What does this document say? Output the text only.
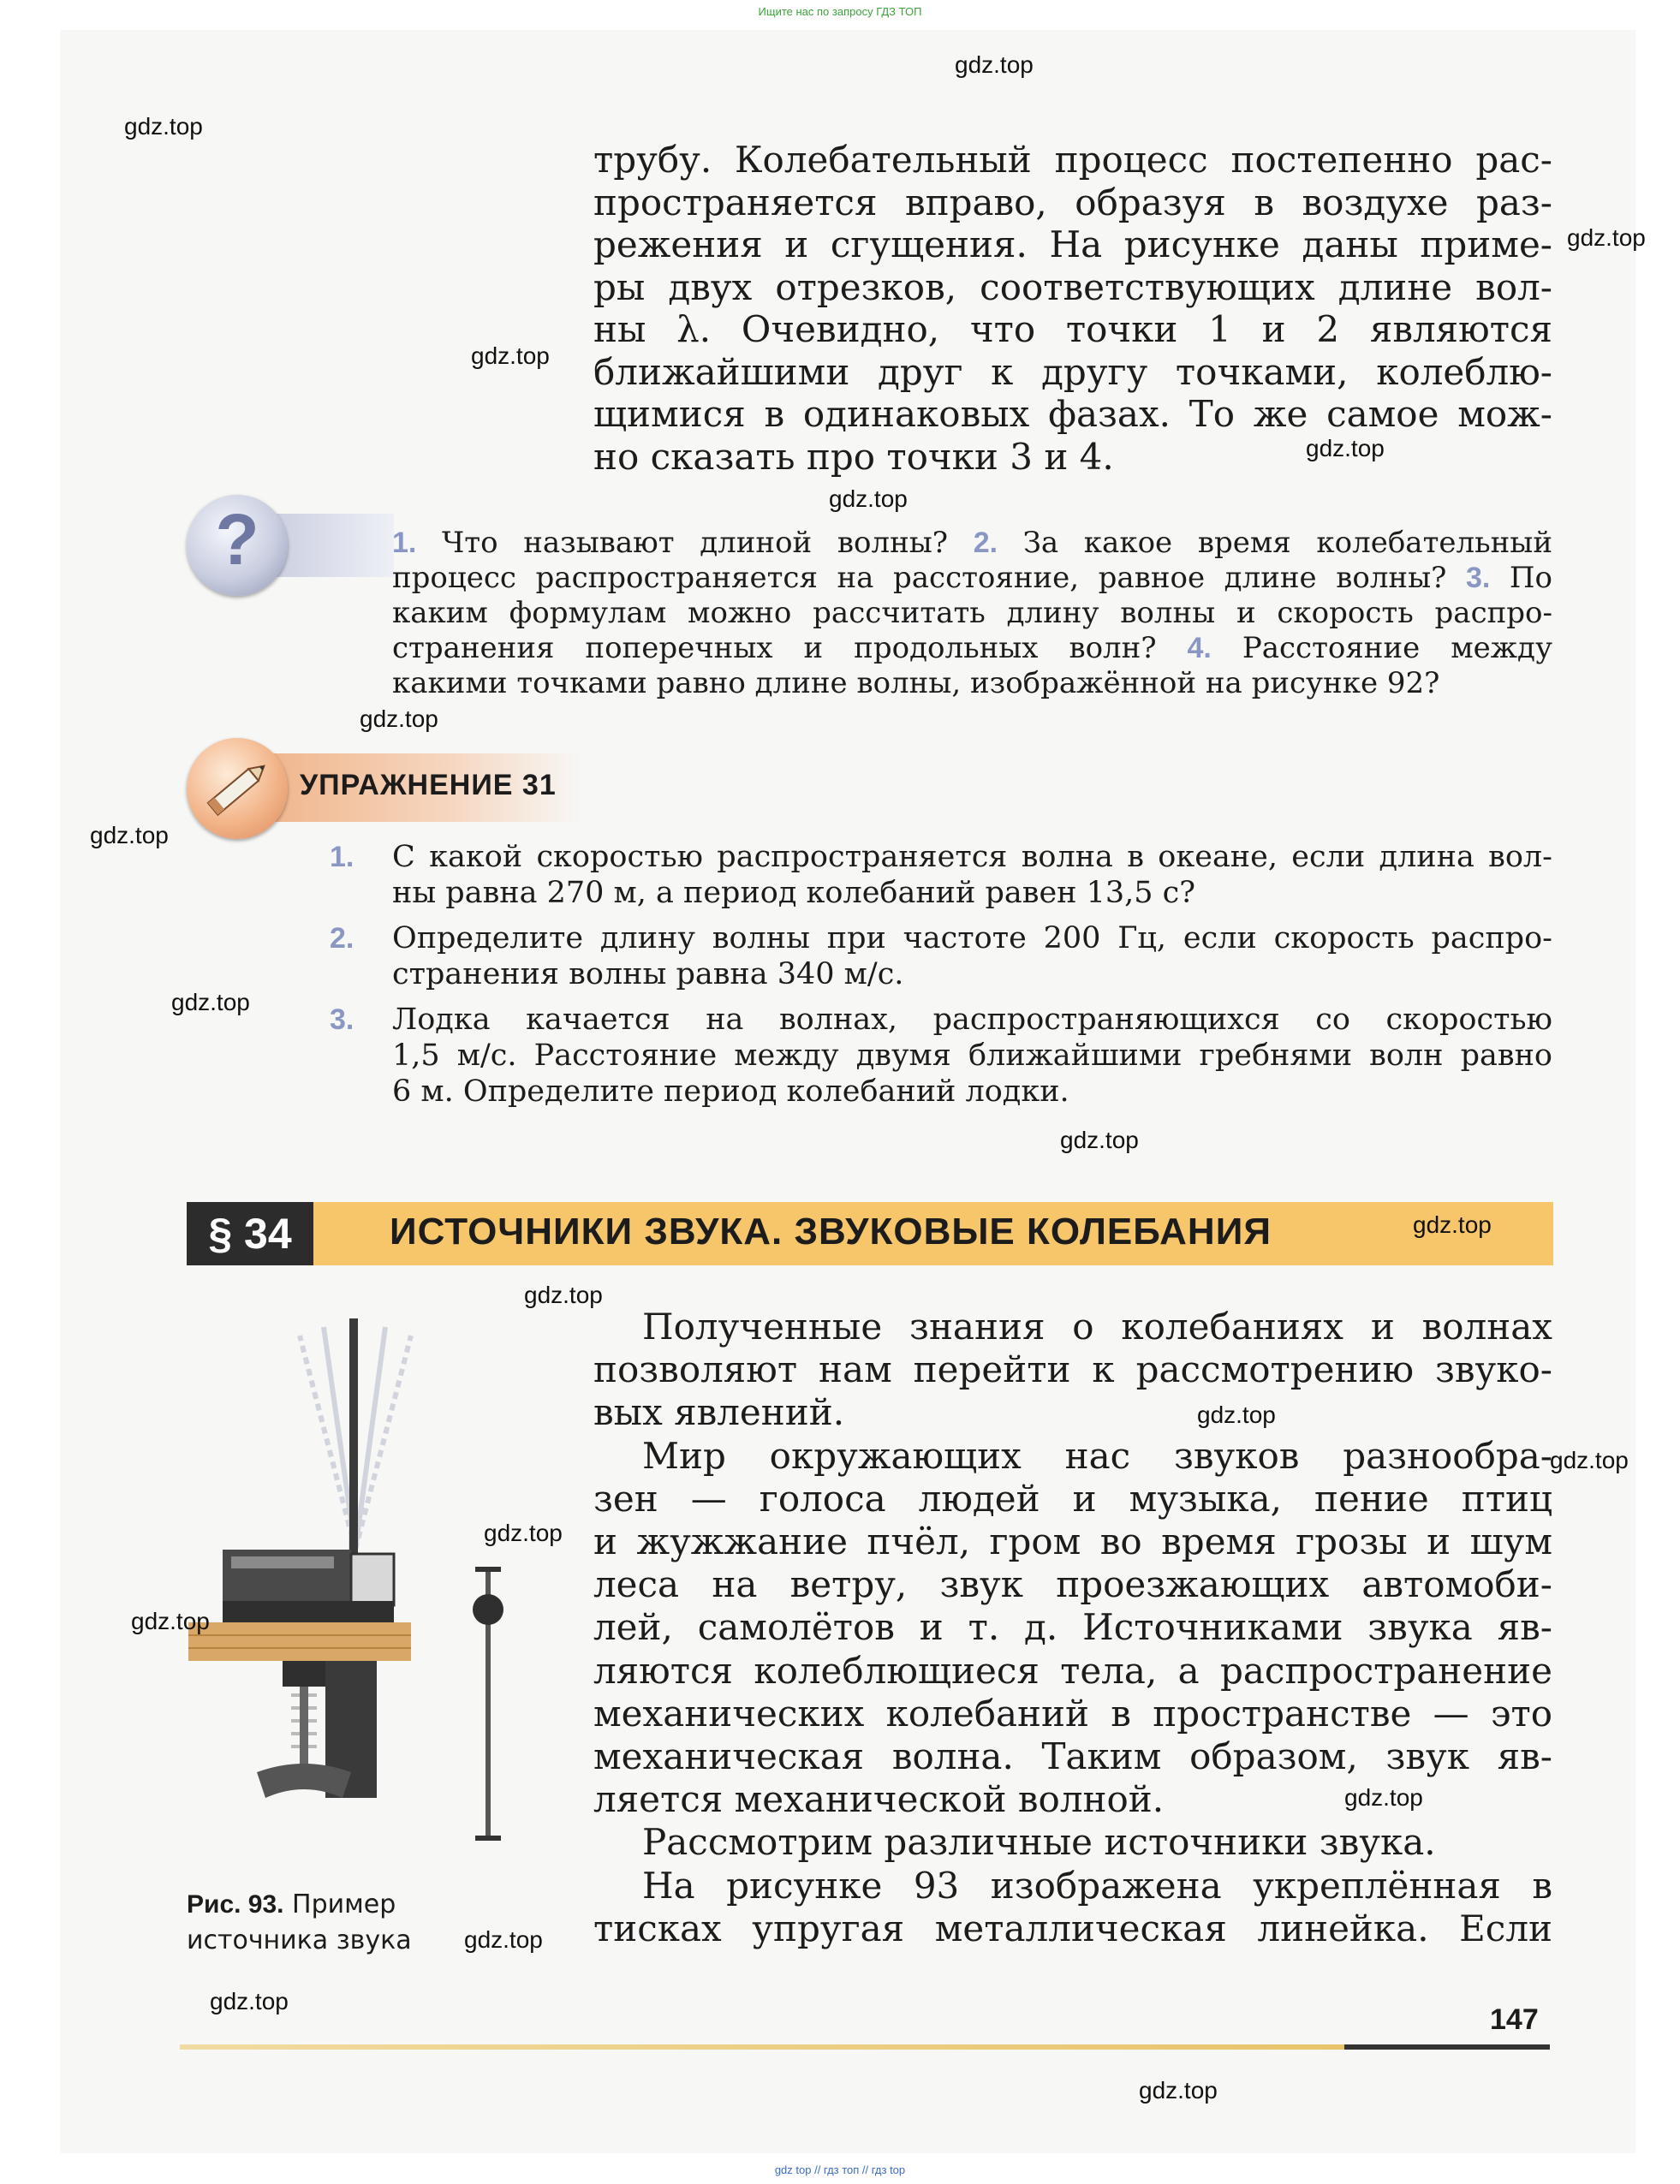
Ищите нас по запросу ГДЗ ТОП
трубу. Колебательный процесс постепенно рас-
пространяется вправо, образуя в воздухе раз-
режения и сгущения. На рисунке даны приме-
ры двух отрезков, соответствующих длине вол-
ны λ. Очевидно, что точки 1 и 2 являются
ближайшими друг к другу точками, колеблю-
щимися в одинаковых фазах. То же самое мож-
но сказать про точки 3 и 4.
?	1. Что называют длиной волны? 2. За какое время колебательный
процесс распространяется на расстояние, равное длине волны? 3. По
каким формулам можно рассчитать длину волны и скорость распро-
странения поперечных и продольных волн? 4. Расстояние между
какими точками равно длине волны, изображённой на рисунке 92?
УПРАЖНЕНИЕ 31
1. С какой скоростью распространяется волна в океане, если длина вол-
ны равна 270 м, а период колебаний равен 13,5 с?
2. Определите длину волны при частоте 200 Гц, если скорость распро-
странения волны равна 340 м/с.
3. Лодка качается на волнах, распространяющихся со скоростью
1,5 м/с. Расстояние между двумя ближайшими гребнями волн равно
6 м. Определите период колебаний лодки.
§ 34	ИСТОЧНИКИ ЗВУКА. ЗВУКОВЫЕ КОЛЕБАНИЯ
Рис. 93. Пример
источника звука
Полученные знания о колебаниях и волнах
позволяют нам перейти к рассмотрению звуко-
вых явлений.
Мир окружающих нас звуков разнообра-
зен — голоса людей и музыка, пение птиц
и жужжание пчёл, гром во время грозы и шум
леса на ветру, звук проезжающих автомоби-
лей, самолётов и т. д. Источниками звука яв-
ляются колеблющиеся тела, а распространение
механических колебаний в пространстве — это
механическая волна. Таким образом, звук яв-
ляется механической волной.
Рассмотрим различные источники звука.
На рисунке 93 изображена укреплённая в
тисках упругая металлическая линейка. Если
147
gdz top // гдз топ // гдз top
gdz.top
gdz.top
gdz.top
gdz.top
gdz.top
gdz.top
gdz.top
gdz.top
gdz.top
gdz.top
gdz.top
gdz.top
gdz.top
gdz.top
gdz.top
gdz.top
gdz.top
gdz.top
gdz.top
gdz.top
